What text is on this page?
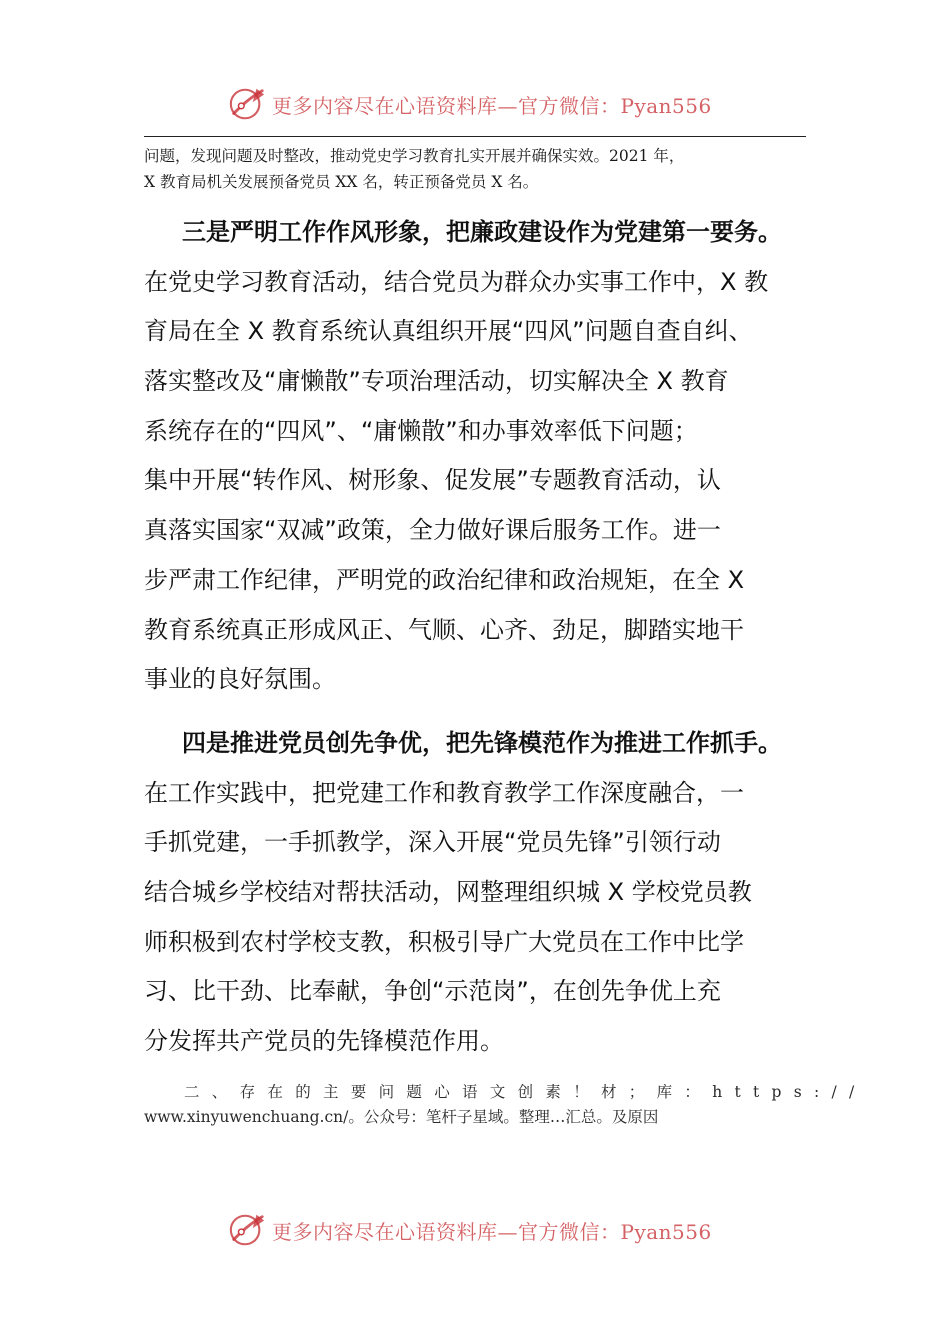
更多内容尽在心语资料库—官方微信：Pyan556
问题，发现问题及时整改，推动党史学习教育扎实开展并确保实效。2021 年，
X 教育局机关发展预备党员 XX 名，转正预备党员 X 名。
三是严明工作作风形象，把廉政建设作为党建第一要务。
在党史学习教育活动，结合党员为群众办实事工作中，X 教
育局在全 X 教育系统认真组织开展“四风”问题自查自纠、
落实整改及“庸懒散”专项治理活动，切实解决全 X 教育
系统存在的“四风”、“庸懒散”和办事效率低下问题；
集中开展“转作风、树形象、促发展”专题教育活动，认
真落实国家“双减”政策，全力做好课后服务工作。进一
步严肃工作纪律，严明党的政治纪律和政治规矩，在全 X
教育系统真正形成风正、气顺、心齐、劲足，脚踏实地干
事业的良好氛围。
四是推进党员创先争优，把先锋模范作为推进工作抓手。
在工作实践中，把党建工作和教育教学工作深度融合，一
手抓党建，一手抓教学，深入开展“党员先锋”引领行动
结合城乡学校结对帮扶活动，网整理组织城 X 学校党员教
师积极到农村学校支教，积极引导广大党员在工作中比学
习、比干劲、比奉献，争创“示范岗”，在创先争优上充
分发挥共产党员的先锋模范作用。
二、存在的主要问题心语文创素！材；库：https://
www.xinyuwenchuang.cn/。公众号：笔杆子星域。整理…汇总。及原因
更多内容尽在心语资料库—官方微信：Pyan556
